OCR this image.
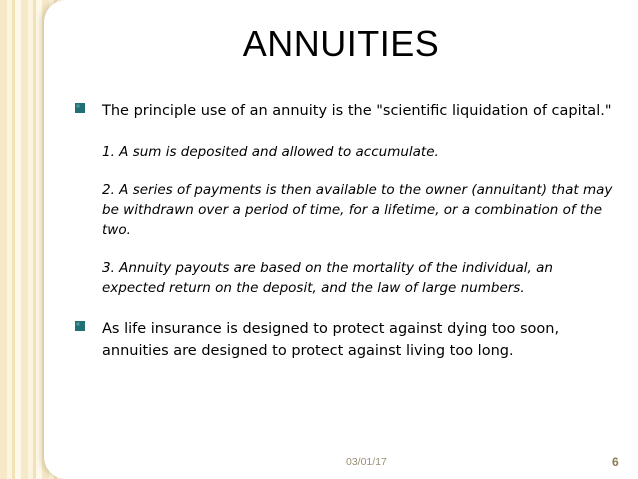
ANNUITIES
The principle use of an annuity is the "scientific liquidation of capital."
1. A sum is deposited and allowed to accumulate.
2. A series of payments is then available to the owner (annuitant) that may be withdrawn over a period of time, for a lifetime, or a combination of the two.
3. Annuity payouts are based on the mortality of the individual, an expected return on the deposit, and the law of large numbers.
As life insurance is designed to protect against dying too soon, annuities are designed to protect against living too long.
03/01/17	6
